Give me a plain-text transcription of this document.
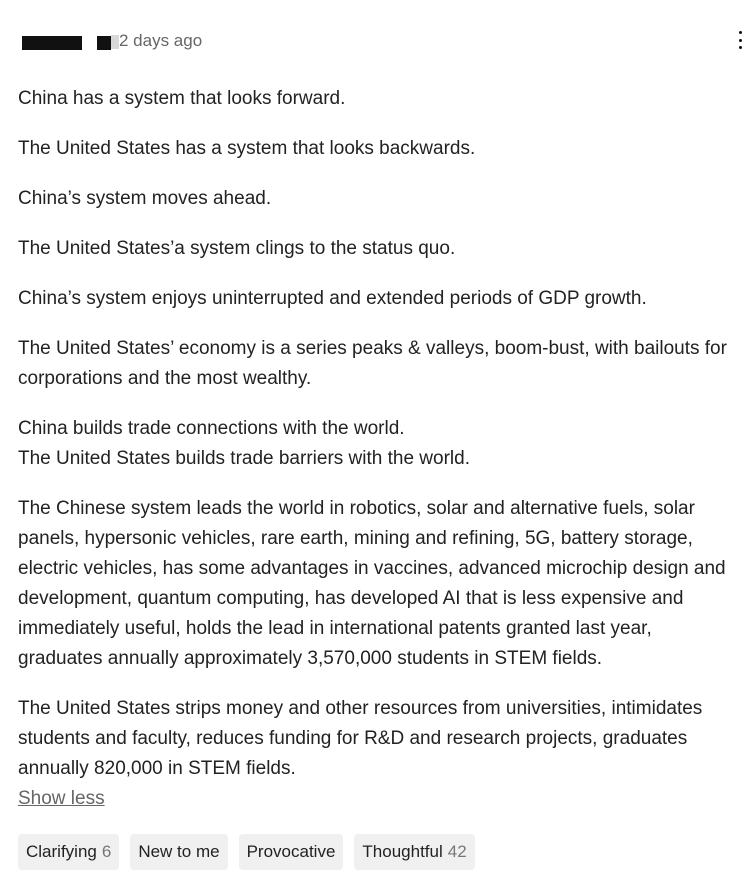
2 days ago

China has a system that looks forward.

The United States has a system that looks backwards.

China’s system moves ahead.

The United States’a system clings to the status quo.

China’s system enjoys uninterrupted and extended periods of GDP growth.

The United States’ economy is a series peaks & valleys, boom-bust, with bailouts for corporations and the most wealthy.

China builds trade connections with the world.

The United States builds trade barriers with the world.

The Chinese system leads the world in robotics, solar and alternative fuels, solar panels, hypersonic vehicles, rare earth, mining and refining, 5G, battery storage, electric vehicles, has some advantages in vaccines, advanced microchip design and development, quantum computing, has developed AI that is less expensive and immediately useful, holds the lead in international patents granted last year, graduates annually approximately 3,570,000 students in STEM fields.

The United States strips money and other resources from universities, intimidates students and faculty, reduces funding for R&D and research projects, graduates annually 820,000 in STEM fields.

Show less
Clarifying 6 New to me Provocative Thoughtful 42
